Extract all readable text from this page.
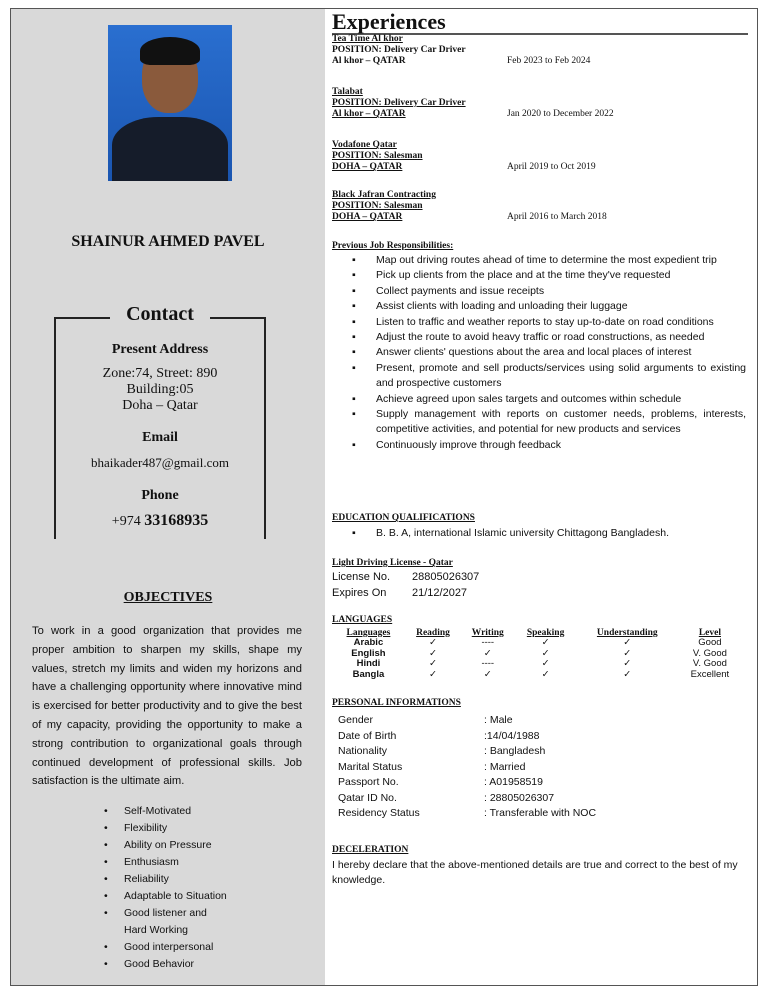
SHAINUR AHMED PAVEL
Contact
Present Address
Zone:74, Street: 890
Building:05
Doha – Qatar
Email
bhaikader487@gmail.com
Phone
+974 33168935
OBJECTIVES
To work in a good organization that provides me proper ambition to sharpen my skills, shape my values, stretch my limits and widen my horizons and have a challenging opportunity where innovative mind is exercised for better productivity and to give the best of my capacity, providing the opportunity to make a strong contribution to organizational goals through continued development of professional skills. Job satisfaction is the ultimate aim.
• Self-Motivated
• Flexibility
• Ability on Pressure
• Enthusiasm
• Reliability
• Adaptable to Situation
• Good listener and Hard Working
• Good interpersonal
• Good Behavior
Experiences
Tea Time Al khor
POSITION: Delivery Car Driver
Al khor – QATAR	Feb 2023 to Feb 2024
Talabat
POSITION: Delivery Car Driver
Al khor – QATAR	Jan 2020 to December 2022
Vodafone Qatar
POSITION: Salesman
DOHA – QATAR	April 2019 to Oct 2019
Black Jafran Contracting
POSITION: Salesman
DOHA – QATAR	April 2016 to March 2018
Previous Job Responsibilities:
▪ Map out driving routes ahead of time to determine the most expedient trip
▪ Pick up clients from the place and at the time they've requested
▪ Collect payments and issue receipts
▪ Assist clients with loading and unloading their luggage
▪ Listen to traffic and weather reports to stay up-to-date on road conditions
▪ Adjust the route to avoid heavy traffic or road constructions, as needed
▪ Answer clients' questions about the area and local places of interest
▪ Present, promote and sell products/services using solid arguments to existing and prospective customers
▪ Achieve agreed upon sales targets and outcomes within schedule
▪ Supply management with reports on customer needs, problems, interests, competitive activities, and potential for new products and services
▪ Continuously improve through feedback
EDUCATION QUALIFICATIONS
▪ B. B. A, international Islamic university Chittagong Bangladesh.
Light Driving License - Qatar
License No. 28805026307
Expires On 21/12/2027
LANGUAGES
Languages	Reading	Writing	Speaking	Understanding	Level
Arabic	✓	----	✓	✓	Good
English	✓	✓	✓	✓	V. Good
Hindi	✓	----	✓	✓	V. Good
Bangla	✓	✓	✓	✓	Excellent
PERSONAL INFORMATIONS
Gender	: Male
Date of Birth	:14/04/1988
Nationality	: Bangladesh
Marital Status	: Married
Passport No.	: A01958519
Qatar ID No.	: 28805026307
Residency Status	: Transferable with NOC
DECELERATION
I hereby declare that the above-mentioned details are true and correct to the best of my knowledge.
